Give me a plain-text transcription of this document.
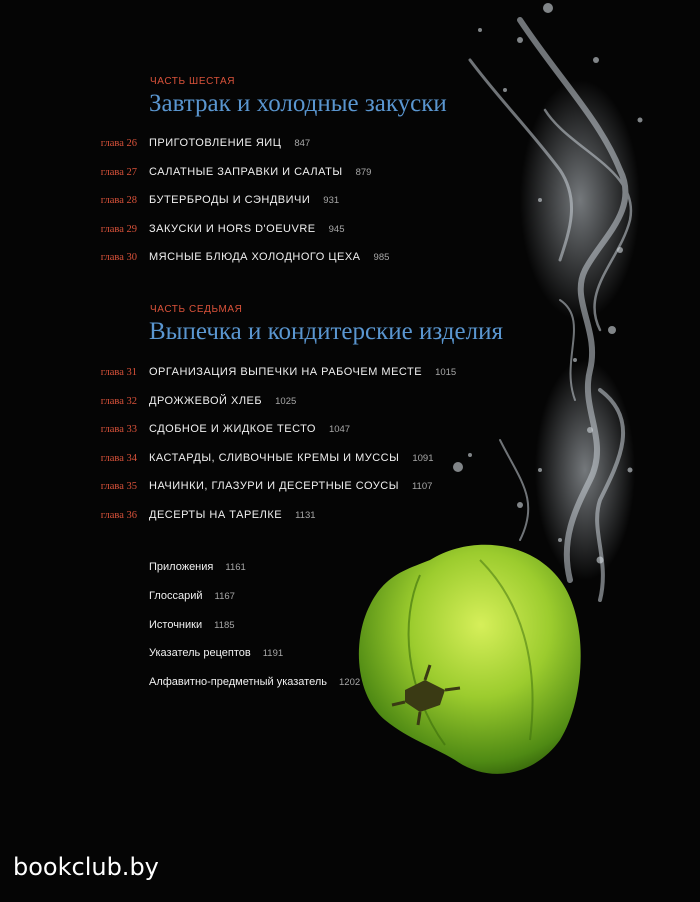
ЧАСТЬ ШЕСТАЯ
Завтрак и холодные закуски
глава 26	ПРИГОТОВЛЕНИЕ ЯИЦ 847
глава 27	САЛАТНЫЕ ЗАПРАВКИ И САЛАТЫ 879
глава 28	БУТЕРБРОДЫ И СЭНДВИЧИ 931
глава 29	ЗАКУСКИ И HORS D'OEUVRE 945
глава 30	МЯСНЫЕ БЛЮДА ХОЛОДНОГО ЦЕХА 985
ЧАСТЬ СЕДЬМАЯ
Выпечка и кондитерские изделия
глава 31	ОРГАНИЗАЦИЯ ВЫПЕЧКИ НА РАБОЧЕМ МЕСТЕ 1015
глава 32	ДРОЖЖЕВОЙ ХЛЕБ 1025
глава 33	СДОБНОЕ И ЖИДКОЕ ТЕСТО 1047
глава 34	КАСТАРДЫ, СЛИВОЧНЫЕ КРЕМЫ И МУССЫ 1091
глава 35	НАЧИНКИ, ГЛАЗУРИ И ДЕСЕРТНЫЕ СОУСЫ 1107
глава 36	ДЕСЕРТЫ НА ТАРЕЛКЕ 1131
Приложения 1161
Глоссарий 1167
Источники 1185
Указатель рецептов 1191
Алфавитно-предметный указатель 1202
bookclub.by
